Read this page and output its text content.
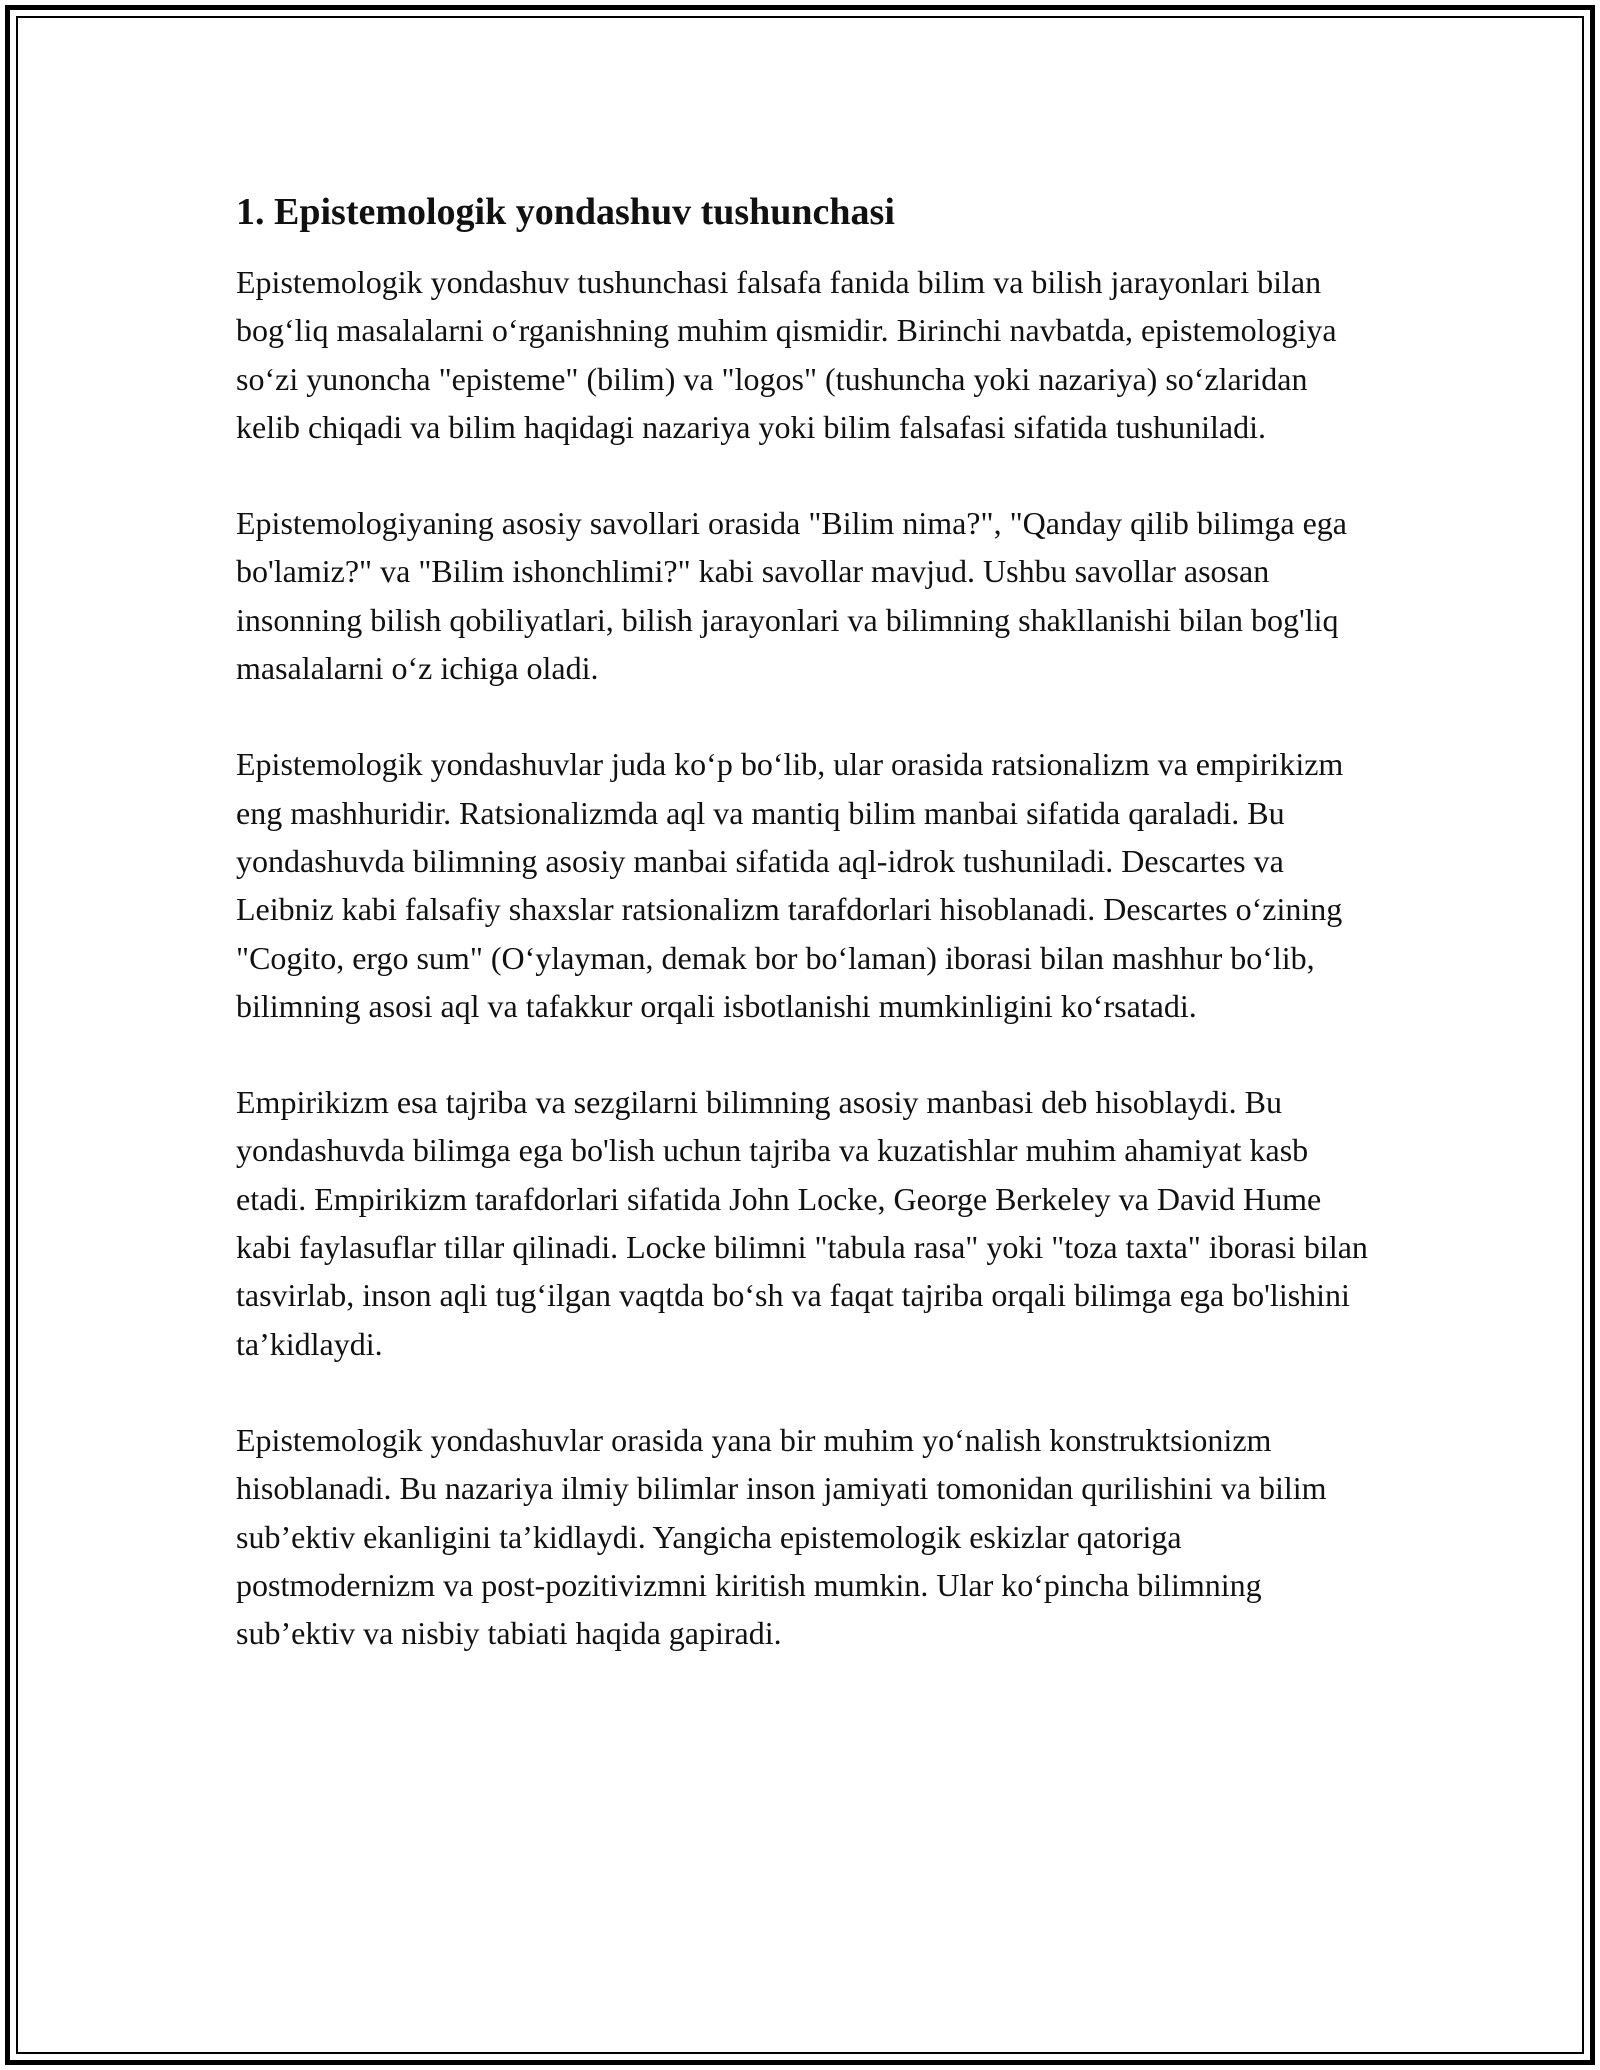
1. Epistemologik yondashuv tushunchasi

Epistemologik yondashuv tushunchasi falsafa fanida bilim va bilish jarayonlari bilan bog‘liq masalalarni o‘rganishning muhim qismidir. Birinchi navbatda, epistemologiya so‘zi yunoncha "episteme" (bilim) va "logos" (tushuncha yoki nazariya) so‘zlaridan kelib chiqadi va bilim haqidagi nazariya yoki bilim falsafasi sifatida tushuniladi.

Epistemologiyaning asosiy savollari orasida "Bilim nima?", "Qanday qilib bilimga ega bo'lamiz?" va "Bilim ishonchlimi?" kabi savollar mavjud. Ushbu savollar asosan insonning bilish qobiliyatlari, bilish jarayonlari va bilimning shakllanishi bilan bog'liq masalalarni o‘z ichiga oladi.

Epistemologik yondashuvlar juda ko‘p bo‘lib, ular orasida ratsionalizm va empirikizm eng mashhuridir. Ratsionalizmda aql va mantiq bilim manbai sifatida qaraladi. Bu yondashuvda bilimning asosiy manbai sifatida aql-idrok tushuniladi. Descartes va Leibniz kabi falsafiy shaxslar ratsionalizm tarafdorlari hisoblanadi. Descartes o‘zining "Cogito, ergo sum" (O‘ylayman, demak bor bo‘laman) iborasi bilan mashhur bo‘lib, bilimning asosi aql va tafakkur orqali isbotlanishi mumkinligini ko‘rsatadi.

Empirikizm esa tajriba va sezgilarni bilimning asosiy manbasi deb hisoblaydi. Bu yondashuvda bilimga ega bo'lish uchun tajriba va kuzatishlar muhim ahamiyat kasb etadi. Empirikizm tarafdorlari sifatida John Locke, George Berkeley va David Hume kabi faylasuflar tillar qilinadi. Locke bilimni "tabula rasa" yoki "toza taxta" iborasi bilan tasvirlab, inson aqli tug‘ilgan vaqtda bo‘sh va faqat tajriba orqali bilimga ega bo'lishini ta’kidlaydi.

Epistemologik yondashuvlar orasida yana bir muhim yo‘nalish konstruktsionizm hisoblanadi. Bu nazariya ilmiy bilimlar inson jamiyati tomonidan qurilishini va bilim sub’ektiv ekanligini ta’kidlaydi. Yangicha epistemologik eskizlar qatoriga postmodernizm va post-pozitivizmni kiritish mumkin. Ular ko‘pincha bilimning sub’ektiv va nisbiy tabiati haqida gapiradi.
